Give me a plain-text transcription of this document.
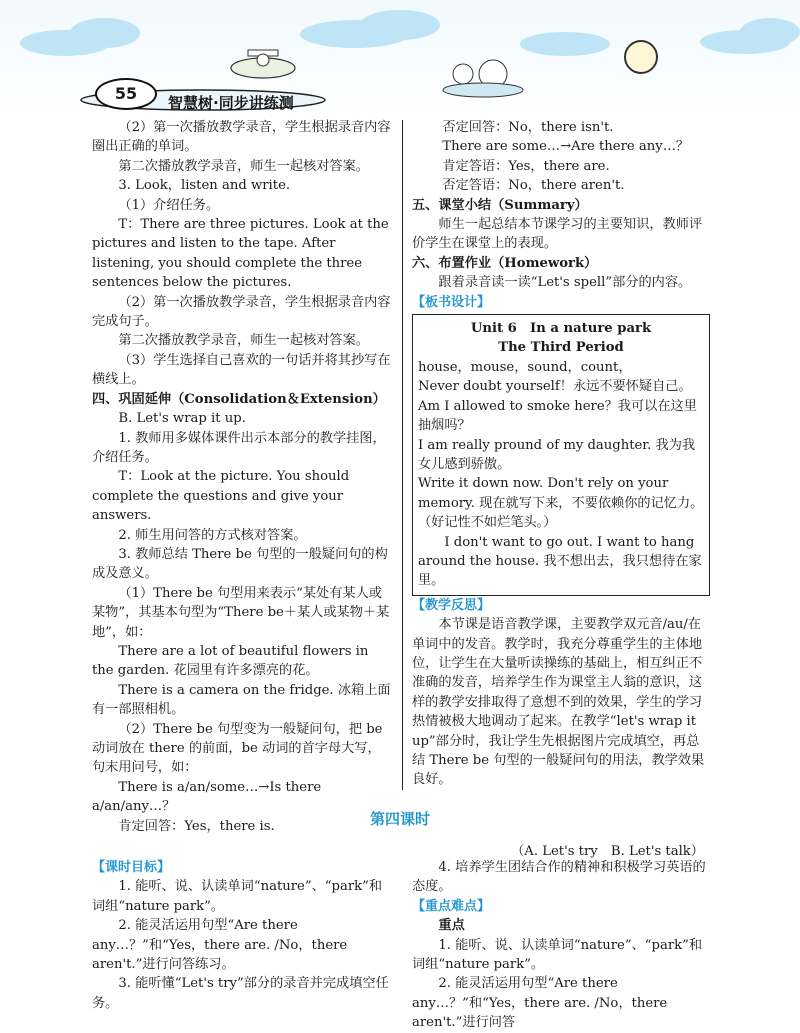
55	智慧树·同步讲练测

（2）第一次播放教学录音，学生根据录音内容圈出正确的单词。

第二次播放教学录音，师生一起核对答案。

3. Look，listen and write.

（1）介绍任务。

T：There are three pictures. Look at the pictures and listen to the tape. After listening, you should complete the three sentences below the pictures.

（2）第一次播放教学录音，学生根据录音内容完成句子。

第二次播放教学录音，师生一起核对答案。

（3）学生选择自己喜欢的一句话并将其抄写在横线上。

四、巩固延伸（Consolidation＆Extension）

B. Let's wrap it up.

1. 教师用多媒体课件出示本部分的教学挂图，介绍任务。

T：Look at the picture. You should complete the questions and give your answers.

2. 师生用问答的方式核对答案。

3. 教师总结 There be 句型的一般疑问句的构成及意义。

（1）There be 句型用来表示“某处有某人或某物”，其基本句型为“There be＋某人或某物＋某地”，如：

There are a lot of beautiful flowers in the garden. 花园里有许多漂亮的花。

There is a camera on the fridge. 冰箱上面有一部照相机。

（2）There be 句型变为一般疑问句，把 be 动词放在 there 的前面，be 动词的首字母大写，句末用问号，如：

There is a/an/some…→Is there a/an/any…？

肯定回答：Yes，there is.

否定回答：No，there isn't.

There are some…→Are there any…？

肯定答语：Yes，there are.

否定答语：No，there aren't.

五、课堂小结（Summary）

师生一起总结本节课学习的主要知识，教师评价学生在课堂上的表现。

六、布置作业（Homework）

跟着录音读一读“Let's spell”部分的内容。

【板书设计】

Unit 6　In a nature park

The Third Period

house，mouse，sound，count，

Never doubt yourself！永远不要怀疑自己。

Am I allowed to smoke here？我可以在这里抽烟吗？

I am really pround of my daughter. 我为我女儿感到骄傲。

Write it down now. Don't rely on your memory. 现在就写下来，不要依赖你的记忆力。（好记性不如烂笔头。）

I don't want to go out. I want to hang around the house. 我不想出去，我只想待在家里。

【教学反思】

本节课是语音教学课，主要教学双元音/au/在单词中的发音。教学时，我充分尊重学生的主体地位，让学生在大量听读操练的基础上，相互纠正不准确的发音，培养学生作为课堂主人翁的意识，这样的教学安排取得了意想不到的效果，学生的学习热情被极大地调动了起来。在教学“let's wrap it up”部分时，我让学生先根据图片完成填空，再总结 There be 句型的一般疑问句的用法，教学效果良好。

第四课时
（A. Let's try　B. Let's talk）

【课时目标】

1. 能听、说、认读单词“nature”、“park”和词组“nature park”。

2. 能灵活运用句型“Are there any…？”和“Yes，there are. /No，there aren't.”进行问答练习。

3. 能听懂“Let's try”部分的录音并完成填空任务。

4. 培养学生团结合作的精神和积极学习英语的态度。

【重点难点】

重点

1. 能听、说、认读单词“nature”、“park”和词组“nature park”。

2. 能灵活运用句型“Are there any…？”和“Yes，there are. /No，there aren't.”进行问答
